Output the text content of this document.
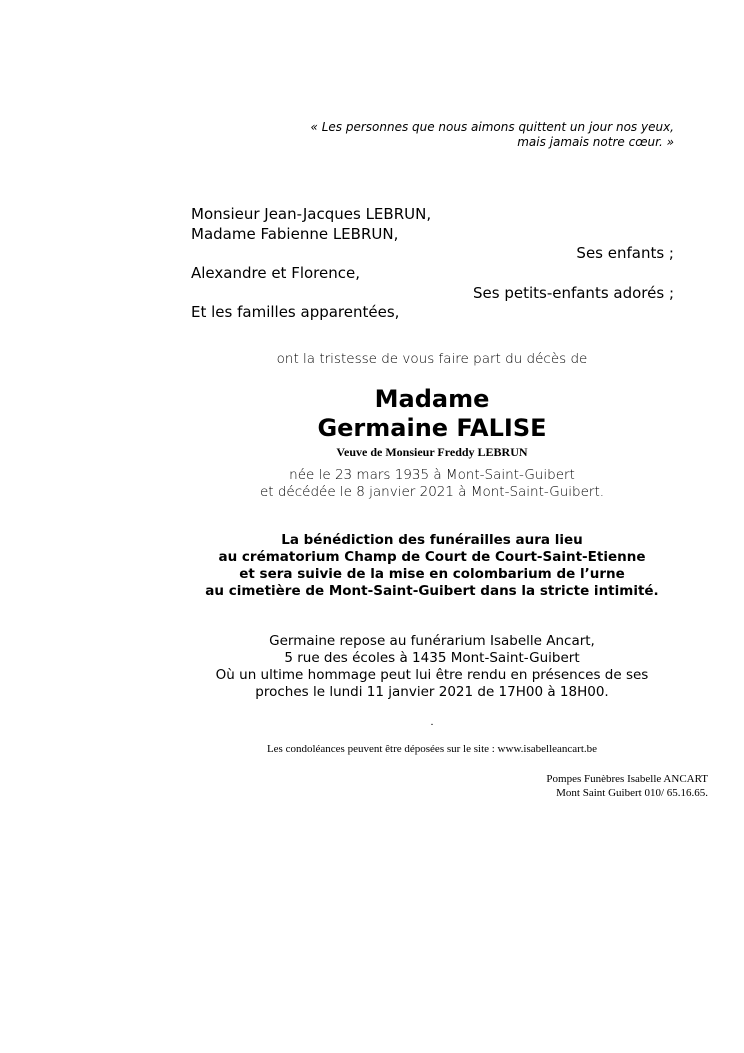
« Les personnes que nous aimons quittent un jour nos yeux,
mais jamais notre cœur. »
Monsieur Jean-Jacques LEBRUN,
Madame Fabienne LEBRUN,
Ses enfants ;
Alexandre et Florence,
Ses petits-enfants adorés ;
Et les familles apparentées,
ont la tristesse de vous faire part du décès de
Madame
Germaine FALISE
Veuve de Monsieur Freddy LEBRUN
née le 23 mars 1935 à Mont-Saint-Guibert
et décédée le 8 janvier 2021 à Mont-Saint-Guibert.
La bénédiction des funérailles aura lieu
au crématorium Champ de Court de Court-Saint-Etienne
et sera suivie de la mise en colombarium de l’urne
au cimetière de Mont-Saint-Guibert dans la stricte intimité.
Germaine repose au funérarium Isabelle Ancart,
5 rue des écoles à 1435 Mont-Saint-Guibert
Où un ultime hommage peut lui être rendu en présences de ses
proches le lundi 11 janvier 2021 de 17H00 à 18H00.
.
Les condoléances peuvent être déposées sur le site : www.isabelleancart.be
Pompes Funèbres Isabelle ANCART
Mont Saint Guibert 010/ 65.16.65.
